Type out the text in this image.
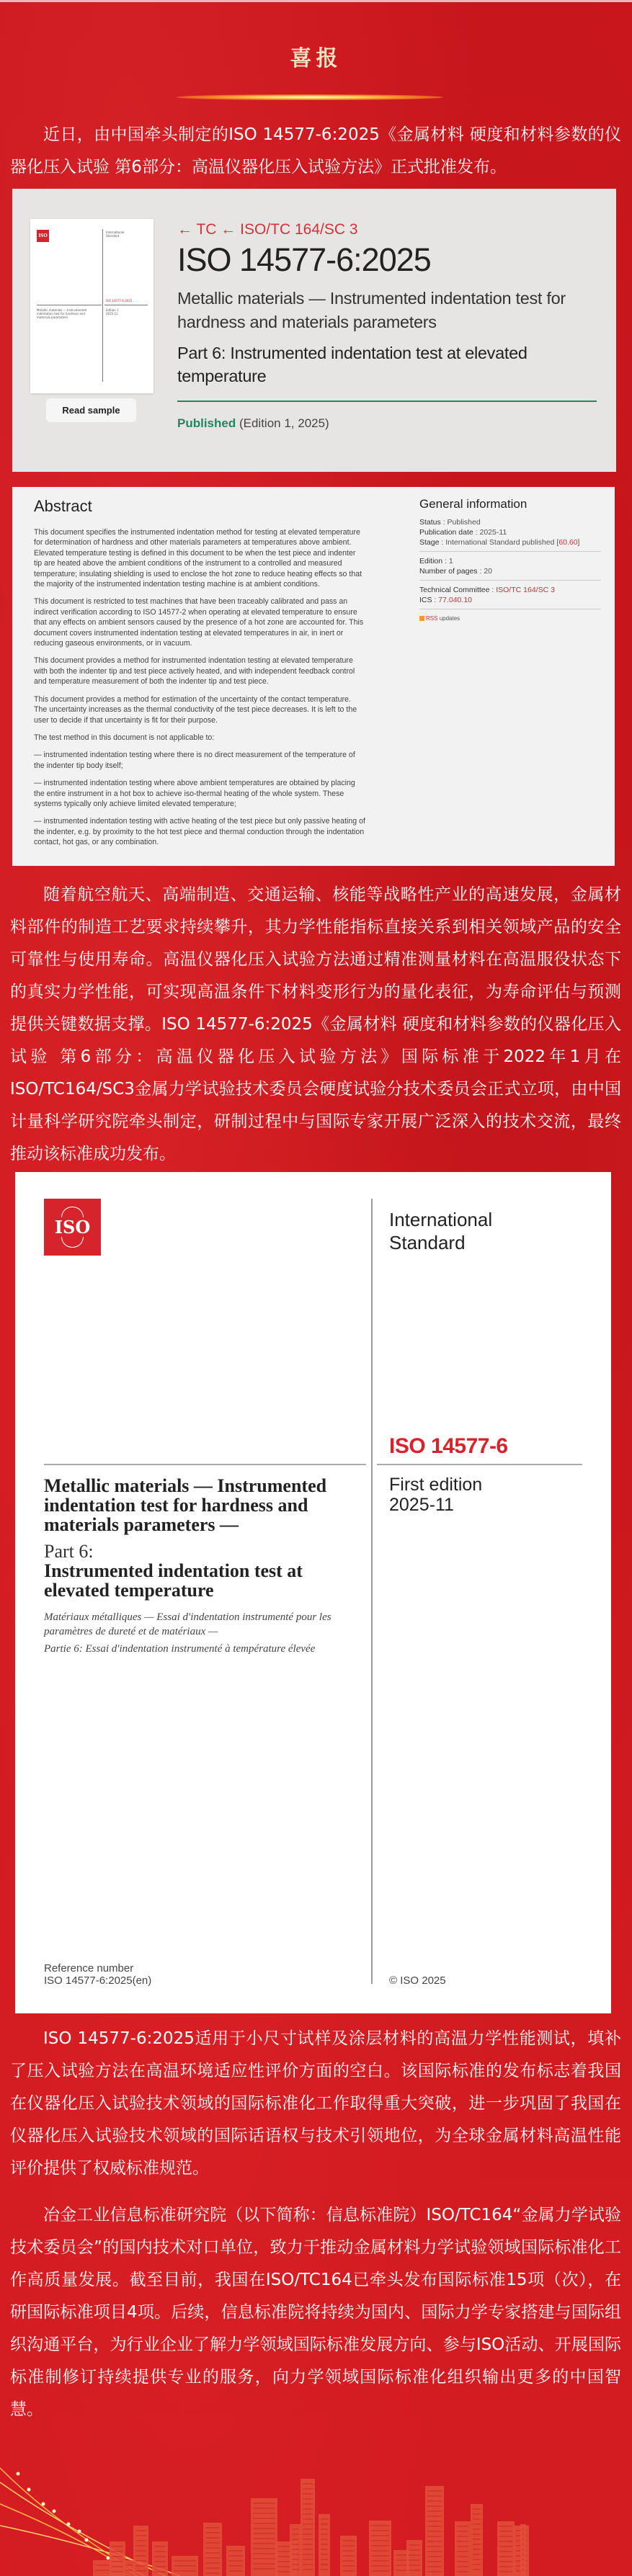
喜报

近日，由中国牵头制定的ISO 14577-6:2025《金属材料 硬度和材料参数的仪器化压入试验 第6部分：高温仪器化压入试验方法》正式批准发布。

ISO
International Standard
ISO 14577-6:2025
Metallic materials — Instrumented indentation test for hardness and materials parameters
Edition 1 2025-11
Read sample
← TC ← ISO/TC 164/SC 3
ISO 14577-6:2025
Metallic materials — Instrumented indentation test for hardness and materials parameters
Part 6: Instrumented indentation test at elevated temperature
Published (Edition 1, 2025)
Abstract

This document specifies the instrumented indentation method for testing at elevated temperature for determination of hardness and other materials parameters at temperatures above ambient. Elevated temperature testing is defined in this document to be when the test piece and indenter tip are heated above the ambient conditions of the instrument to a controlled and measured temperature; insulating shielding is used to enclose the hot zone to reduce heating effects so that the majority of the instrumented indentation testing machine is at ambient conditions.

This document is restricted to test machines that have been traceably calibrated and pass an indirect verification according to ISO 14577-2 when operating at elevated temperature to ensure that any effects on ambient sensors caused by the presence of a hot zone are accounted for. This document covers instrumented indentation testing at elevated temperatures in air, in inert or reducing gaseous environments, or in vacuum.

This document provides a method for instrumented indentation testing at elevated temperature with both the indenter tip and test piece actively heated, and with independent feedback control and temperature measurement of both the indenter tip and test piece.

This document provides a method for estimation of the uncertainty of the contact temperature. The uncertainty increases as the thermal conductivity of the test piece decreases. It is left to the user to decide if that uncertainty is fit for their purpose.

The test method in this document is not applicable to:

— instrumented indentation testing where there is no direct measurement of the temperature of the indenter tip body itself;

— instrumented indentation testing where above ambient temperatures are obtained by placing the entire instrument in a hot box to achieve iso-thermal heating of the whole system. These systems typically only achieve limited elevated temperature;

— instrumented indentation testing with active heating of the test piece but only passive heating of the indenter, e.g. by proximity to the hot test piece and thermal conduction through the indentation contact, hot gas, or any combination.

General information
Status : Published
Publication date : 2025-11
Stage : International Standard published [60.60]
Edition : 1
Number of pages : 20
Technical Committee : ISO/TC 164/SC 3
ICS : 77.040.10
RSS updates

随着航空航天、高端制造、交通运输、核能等战略性产业的高速发展，金属材料部件的制造工艺要求持续攀升，其力学性能指标直接关系到相关领域产品的安全可靠性与使用寿命。高温仪器化压入试验方法通过精准测量材料在高温服役状态下的真实力学性能，可实现高温条件下材料变形行为的量化表征，为寿命评估与预测提供关键数据支撑。ISO 14577-6:2025《金属材料 硬度和材料参数的仪器化压入试验 第6部分：高温仪器化压入试验方法》国际标准于2022年1月在ISO/TC164/SC3金属力学试验技术委员会硬度试验分技术委员会正式立项，由中国计量科学研究院牵头制定，研制过程中与国际专家开展广泛深入的技术交流，最终推动该标准成功发布。

ISO	International Standard
ISO 14577-6
First edition
2025-11
Metallic materials — Instrumented indentation test for hardness and materials parameters —
Part 6:
Instrumented indentation test at elevated temperature

Matériaux métalliques — Essai d'indentation instrumenté pour les paramètres de dureté et de matériaux —

Partie 6: Essai d'indentation instrumenté à température élevée

Reference number
ISO 14577-6:2025(en)	© ISO 2025

ISO 14577-6:2025适用于小尺寸试样及涂层材料的高温力学性能测试，填补了压入试验方法在高温环境适应性评价方面的空白。该国际标准的发布标志着我国在仪器化压入试验技术领域的国际标准化工作取得重大突破，进一步巩固了我国在仪器化压入试验技术领域的国际话语权与技术引领地位，为全球金属材料高温性能评价提供了权威标准规范。

冶金工业信息标准研究院（以下简称：信息标准院）ISO/TC164“金属力学试验技术委员会”的国内技术对口单位，致力于推动金属材料力学试验领域国际标准化工作高质量发展。截至目前，我国在ISO/TC164已牵头发布国际标准15项（次），在研国际标准项目4项。后续，信息标准院将持续为国内、国际力学专家搭建与国际组织沟通平台，为行业企业了解力学领域国际标准发展方向、参与ISO活动、开展国际标准制修订持续提供专业的服务，向力学领域国际标准化组织输出更多的中国智慧。
